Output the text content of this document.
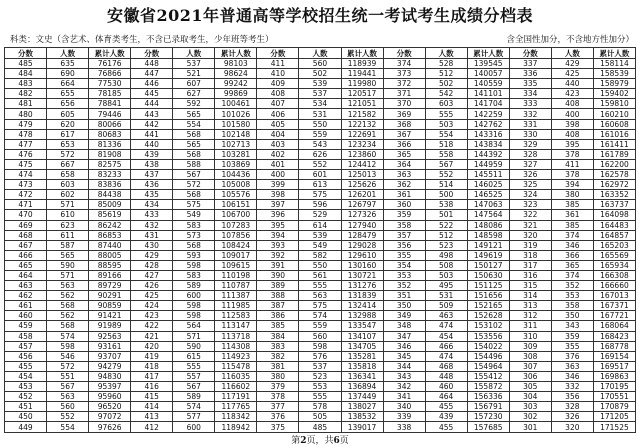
安徽省2021年普通高等学校招生统一考试考生成绩分档表
科类：文史（含艺术、体育类考生，不含已录取考生，少年班等考生）	含全国性加分，不含地方性加分）
分数	人数	累计人数	分数	人数	累计人数	分数	人数	累计人数	分数	人数	累计人数	分数	人数	累计人数
485	635	76176	448	537	98103	411	560	118939	374	528	139545	337	429	158114
484	690	76866	447	521	98624	410	502	119441	373	512	140057	336	425	158539
483	664	77530	446	607	99242	409	539	119980	372	502	140559	335	440	158979
482	655	78185	445	627	99869	408	537	120517	371	542	141101	334	423	159402
481	656	78841	444	592	100461	407	534	121051	370	603	141704	333	408	159810
480	605	79446	443	565	101026	406	531	121582	369	555	142259	332	400	160210
479	620	80066	442	554	101580	405	550	122132	368	503	142762	331	398	160608
478	617	80683	441	568	102148	404	559	122691	367	554	143316	330	408	161016
477	653	81336	440	565	102713	403	543	123234	366	518	143834	329	395	161411
476	572	81908	439	568	103281	402	626	123860	365	558	144392	328	378	161789
475	667	82575	438	588	103869	401	552	124412	364	567	144959	327	411	162200
474	658	83233	437	567	104436	400	601	125013	363	552	145511	326	378	162578
473	603	83836	436	572	105008	399	613	125626	362	514	146025	325	394	162972
472	602	84438	435	568	105576	398	575	126201	361	500	146525	324	380	163352
471	571	85009	434	575	106151	397	596	126797	360	538	147063	323	385	163737
470	610	85619	433	549	106700	396	529	127326	359	501	147564	322	361	164098
469	623	86242	432	583	107283	395	614	127940	358	522	148086	321	385	164483
468	611	86853	431	573	107856	394	539	128479	357	512	148598	320	374	164857
467	587	87440	430	568	108424	393	549	129028	356	523	149121	319	346	165203
466	565	88005	429	593	109017	392	582	129610	355	498	149619	318	366	165569
465	590	88595	428	598	109615	391	550	130160	354	508	150127	317	365	165934
464	571	89166	427	583	110198	390	561	130721	353	503	150630	316	374	166308
463	563	89729	426	589	110787	389	555	131276	352	495	151125	315	352	166660
462	562	90291	425	600	111387	388	563	131839	351	531	151656	314	353	167013
461	568	90859	424	598	111985	387	575	132414	350	509	152165	313	358	167371
460	562	91421	423	598	112583	386	574	132988	349	463	152628	312	350	167721
459	568	91989	422	564	113147	385	559	133547	348	474	153102	311	343	168064
458	574	92563	421	571	113718	384	560	134107	347	454	153556	310	359	168423
457	598	93161	420	590	114308	383	598	134705	346	466	154022	309	355	168778
456	546	93707	419	615	114923	382	576	135281	345	474	154496	308	376	169154
455	572	94279	418	555	115478	381	537	135818	344	468	154964	307	363	169517
454	551	94830	417	557	116035	380	523	136341	343	448	155412	306	346	169863
453	567	95397	416	567	116602	379	553	136894	342	460	155872	305	332	170195
452	563	95960	415	589	117191	378	555	137449	341	464	156336	304	356	170551
451	560	96520	414	574	117765	377	578	138027	340	455	156791	303	328	170879
450	552	97072	413	577	118342	376	505	138532	339	439	157230	302	326	171205
449	554	97626	412	600	118942	375	485	139017	338	455	157685	301	320	171525
第2页，共6页
